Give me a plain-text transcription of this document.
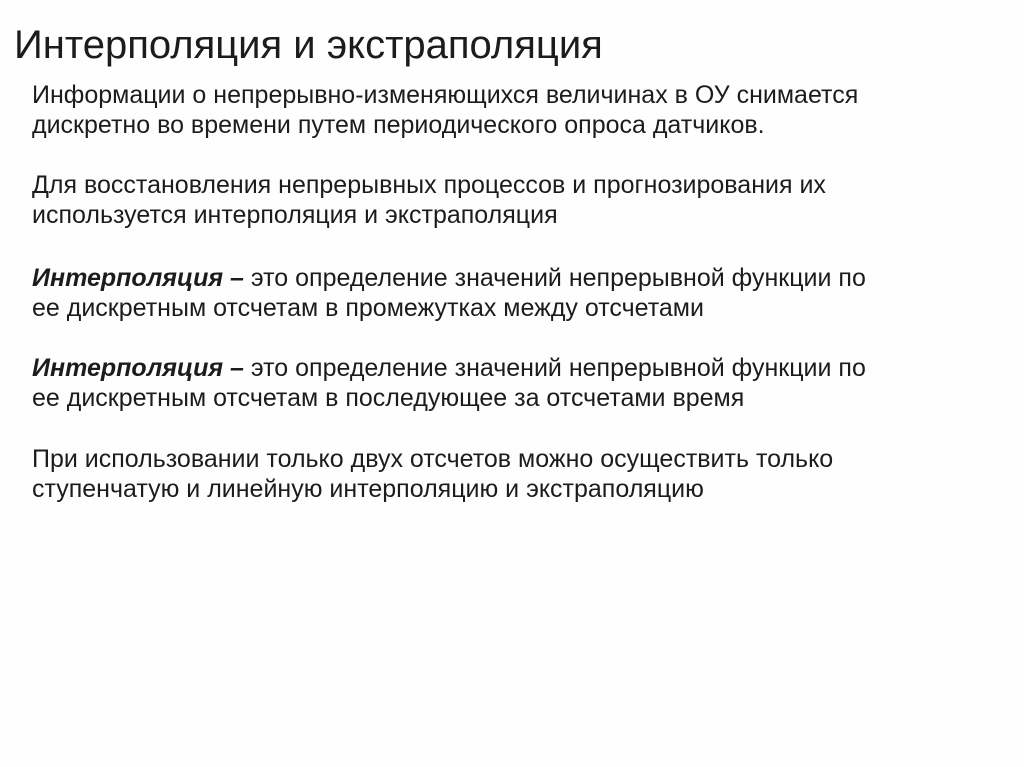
Интерполяция и экстраполяция

Информации о непрерывно-изменяющихся величинах в ОУ снимается
дискретно во времени путем периодического опроса датчиков.

Для восстановления непрерывных процессов и прогнозирования их
используется интерполяция и экстраполяция

Интерполяция – это определение значений непрерывной функции по
ее дискретным отсчетам в промежутках между отсчетами

Интерполяция – это определение значений непрерывной функции по
ее дискретным отсчетам в последующее за отсчетами время

При использовании только двух отсчетов можно осуществить только
ступенчатую и линейную интерполяцию и экстраполяцию
